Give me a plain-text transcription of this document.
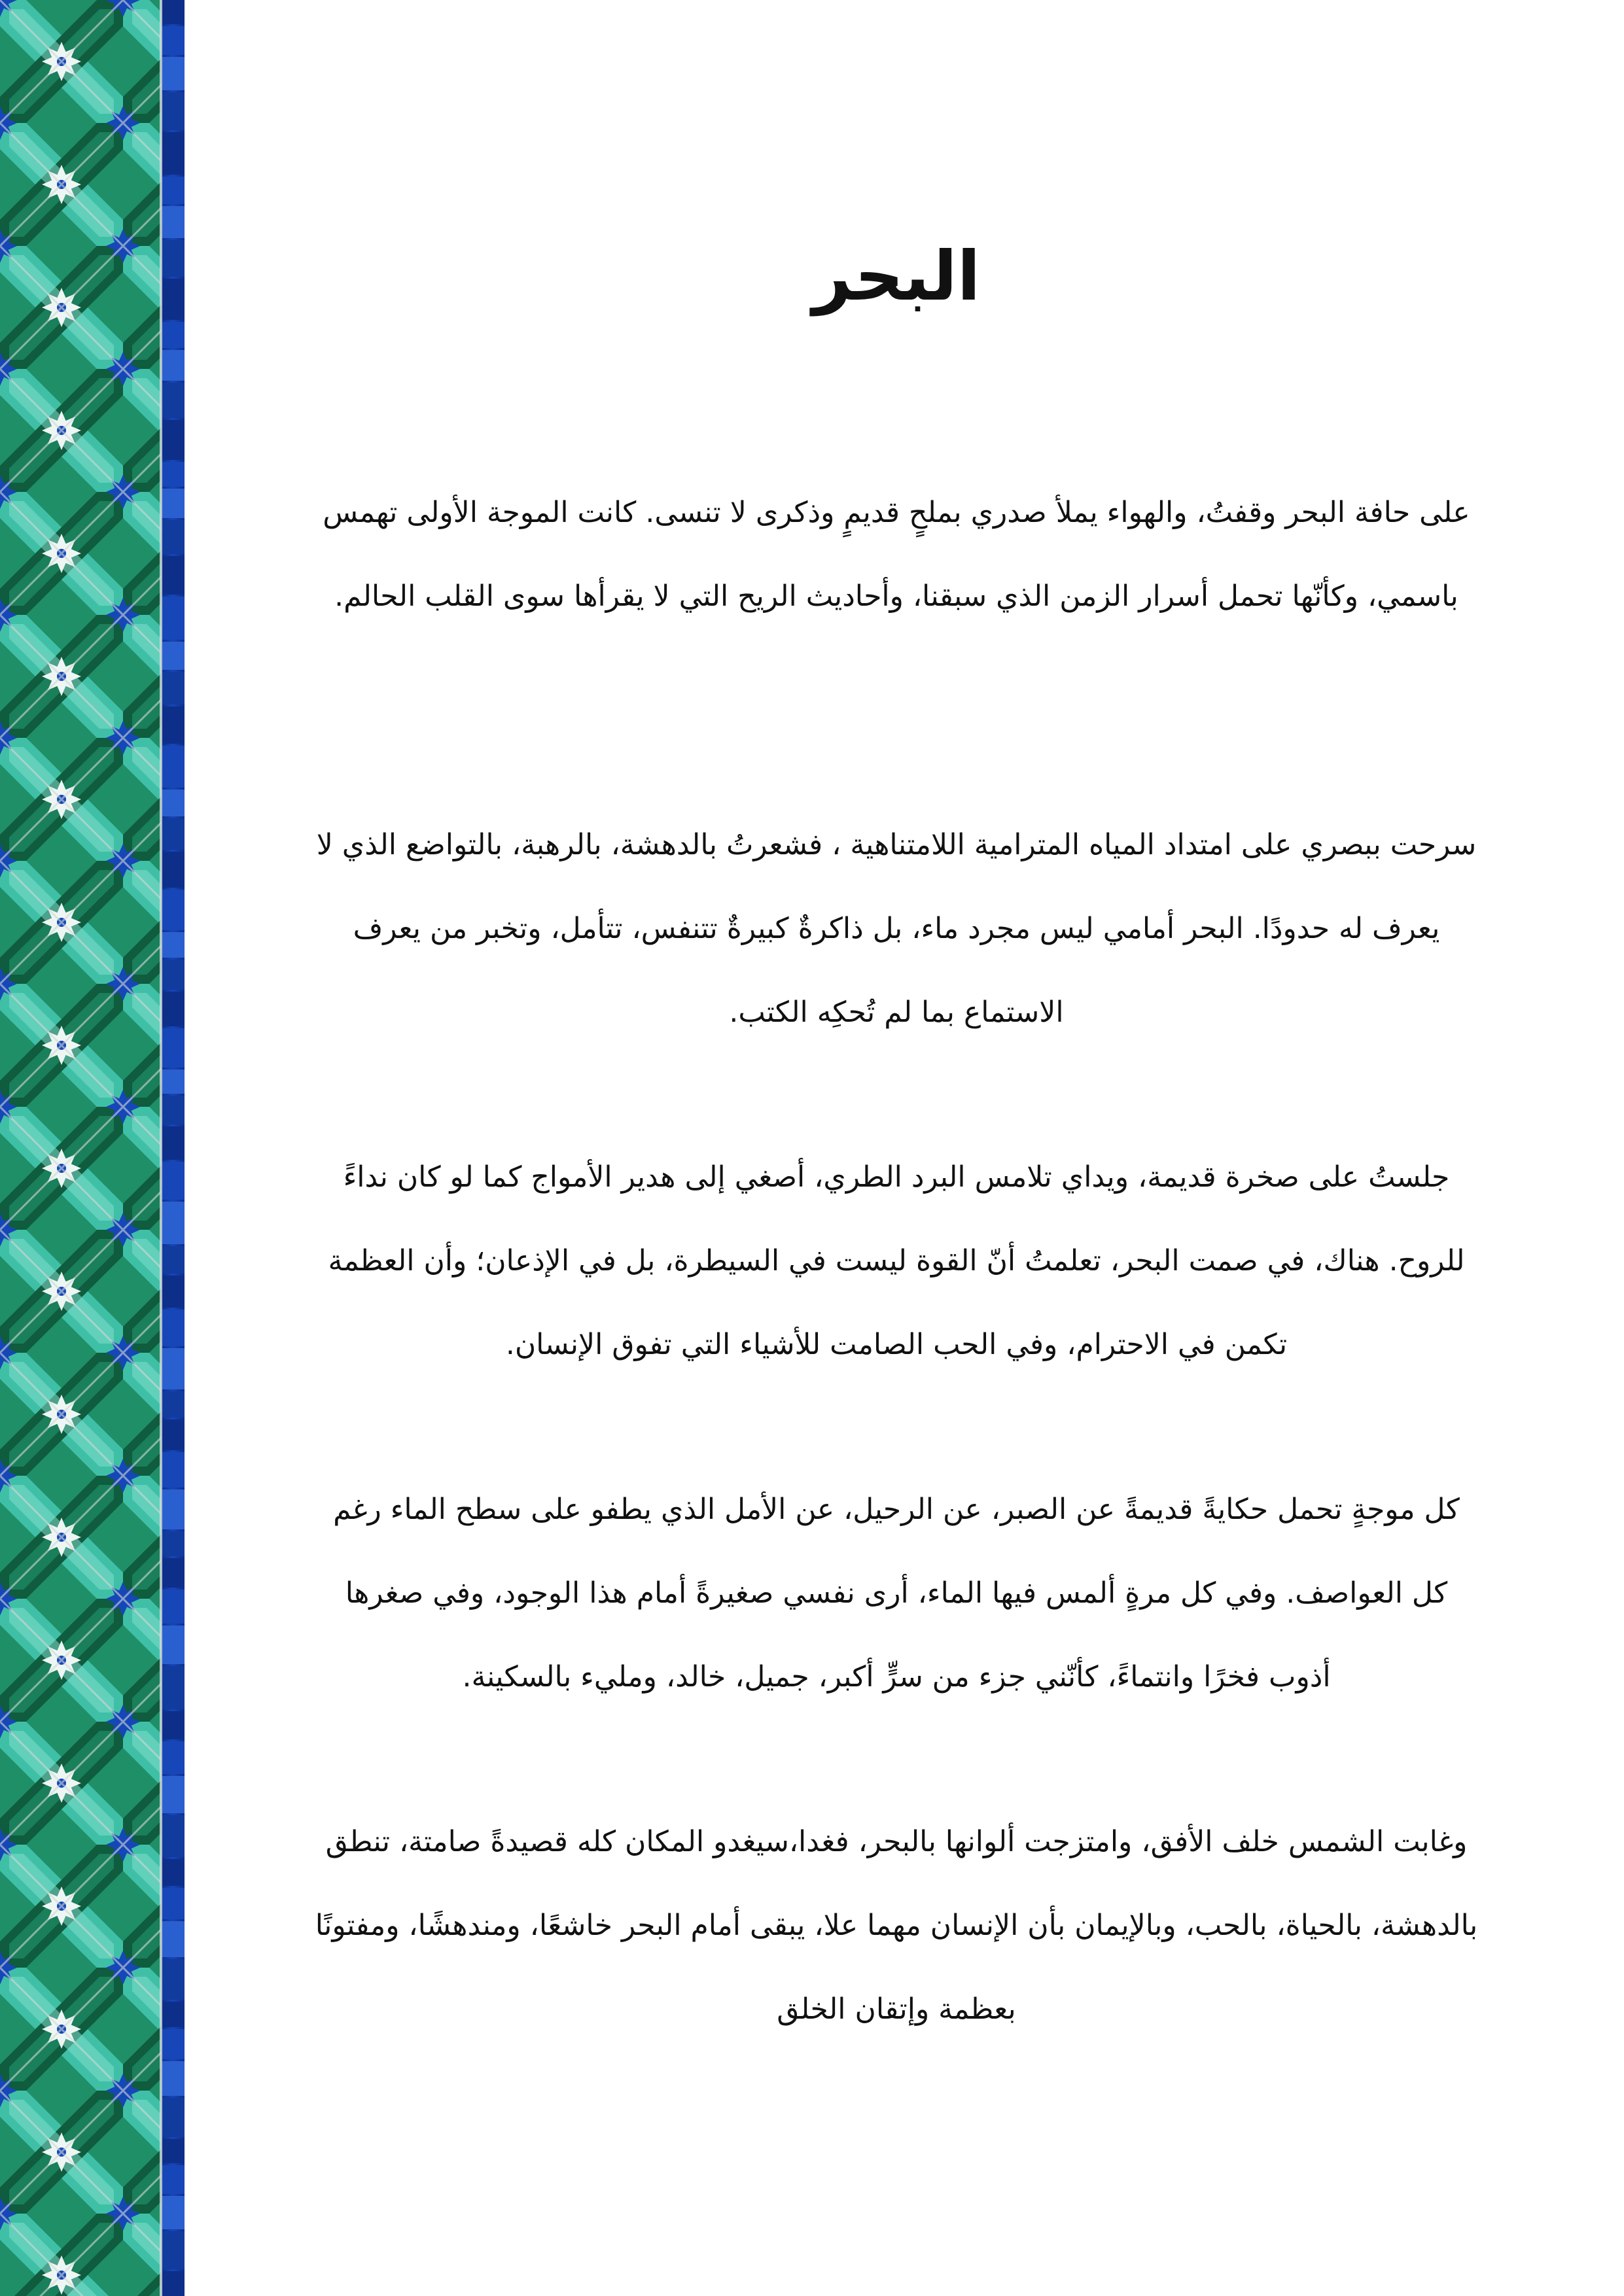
البحر

على حافة البحر وقفتُ، والهواء يملأ صدري بملحٍ قديمٍ وذكرى لا تنسى. كانت الموجة الأولى تهمس باسمي، وكأنّها تحمل أسرار الزمن الذي سبقنا، وأحاديث الريح التي لا يقرأها سوى القلب الحالم.

سرحت ببصري على امتداد المياه المترامية اللامتناهية ، فشعرتُ بالدهشة، بالرهبة، بالتواضع الذي لا يعرف له حدودًا. البحر أمامي ليس مجرد ماء، بل ذاكرةٌ كبيرةٌ تتنفس، تتأمل، وتخبر من يعرف الاستماع بما لم تُحكِه الكتب.

جلستُ على صخرة قديمة، ويداي تلامس البرد الطري، أصغي إلى هدير الأمواج كما لو كان نداءً للروح. هناك، في صمت البحر، تعلمتُ أنّ القوة ليست في السيطرة، بل في الإذعان؛ وأن العظمة تكمن في الاحترام، وفي الحب الصامت للأشياء التي تفوق الإنسان.

كل موجةٍ تحمل حكايةً قديمةً عن الصبر، عن الرحيل، عن الأمل الذي يطفو على سطح الماء رغم كل العواصف. وفي كل مرةٍ ألمس فيها الماء، أرى نفسي صغيرةً أمام هذا الوجود، وفي صغرها أذوب فخرًا وانتماءً، كأنّني جزء من سرٍّ أكبر، جميل، خالد، ومليء بالسكينة.

وغابت الشمس خلف الأفق، وامتزجت ألوانها بالبحر، فغدا،سيغدو المكان كله قصيدةً صامتة، تنطق بالدهشة، بالحياة، بالحب، وبالإيمان بأن الإنسان مهما علا، يبقى أمام البحر خاشعًا، ومندهشًا، ومفتونًا بعظمة وإتقان الخلق
